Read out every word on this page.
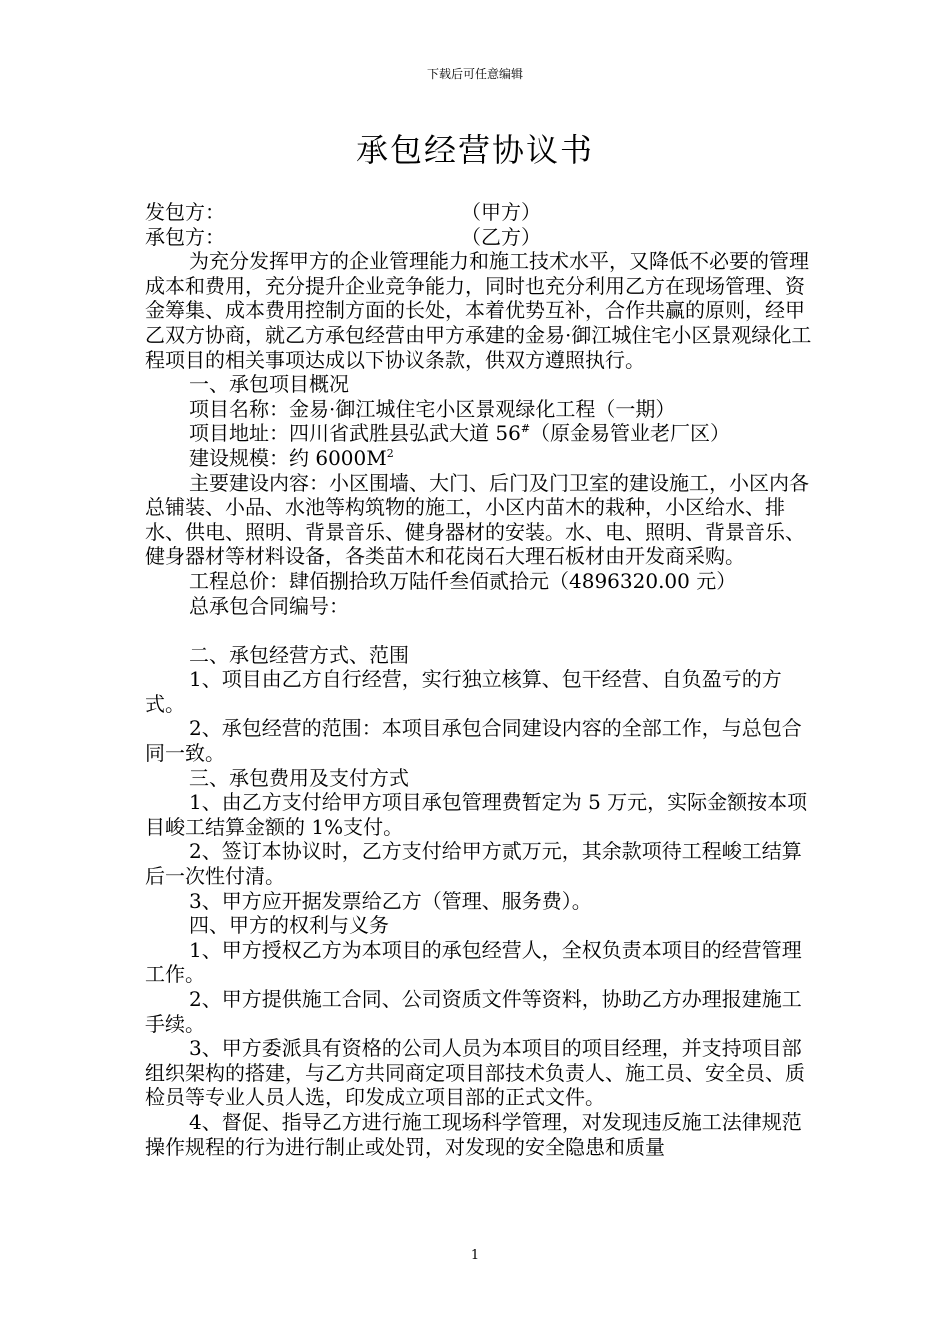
下载后可任意编辑
承包经营协议书
发包方：	（甲方）
承包方：	（乙方）

为充分发挥甲方的企业管理能力和施工技术水平，又降低不必要的管理成本和费用，充分提升企业竞争能力，同时也充分利用乙方在现场管理、资金筹集、成本费用控制方面的长处，本着优势互补，合作共赢的原则，经甲乙双方协商，就乙方承包经营由甲方承建的金易·御江城住宅小区景观绿化工程项目的相关事项达成以下协议条款，供双方遵照执行。

一、承包项目概况

项目名称：金易·御江城住宅小区景观绿化工程（一期）

项目地址：四川省武胜县弘武大道 56#（原金易管业老厂区）

建设规模：约 $6000M^2$

主要建设内容：小区围墙、大门、后门及门卫室的建设施工，小区内各总铺装、小品、水池等构筑物的施工，小区内苗木的栽种，小区给水、排水、供电、照明、背景音乐、健身器材的安装。水、电、照明、背景音乐、健身器材等材料设备，各类苗木和花岗石大理石板材由开发商采购。

工程总价：肆佰捌拾玖万陆仟叁佰贰拾元（4896320.00 元）

总承包合同编号：

二、承包经营方式、范围

1、项目由乙方自行经营，实行独立核算、包干经营、自负盈亏的方式。

2、承包经营的范围：本项目承包合同建设内容的全部工作，与总包合同一致。

三、承包费用及支付方式

1、由乙方支付给甲方项目承包管理费暂定为 5 万元，实际金额按本项目峻工结算金额的 1%支付。

2、签订本协议时，乙方支付给甲方贰万元，其余款项待工程峻工结算后一次性付清。

3、甲方应开据发票给乙方（管理、服务费）。

四、甲方的权利与义务

1、甲方授权乙方为本项目的承包经营人，全权负责本项目的经营管理工作。

2、甲方提供施工合同、公司资质文件等资料，协助乙方办理报建施工手续。

3、甲方委派具有资格的公司人员为本项目的项目经理，并支持项目部组织架构的搭建，与乙方共同商定项目部技术负责人、施工员、安全员、质检员等专业人员人选，印发成立项目部的正式文件。

4、督促、指导乙方进行施工现场科学管理，对发现违反施工法律规范操作规程的行为进行制止或处罚，对发现的安全隐患和质量

1
